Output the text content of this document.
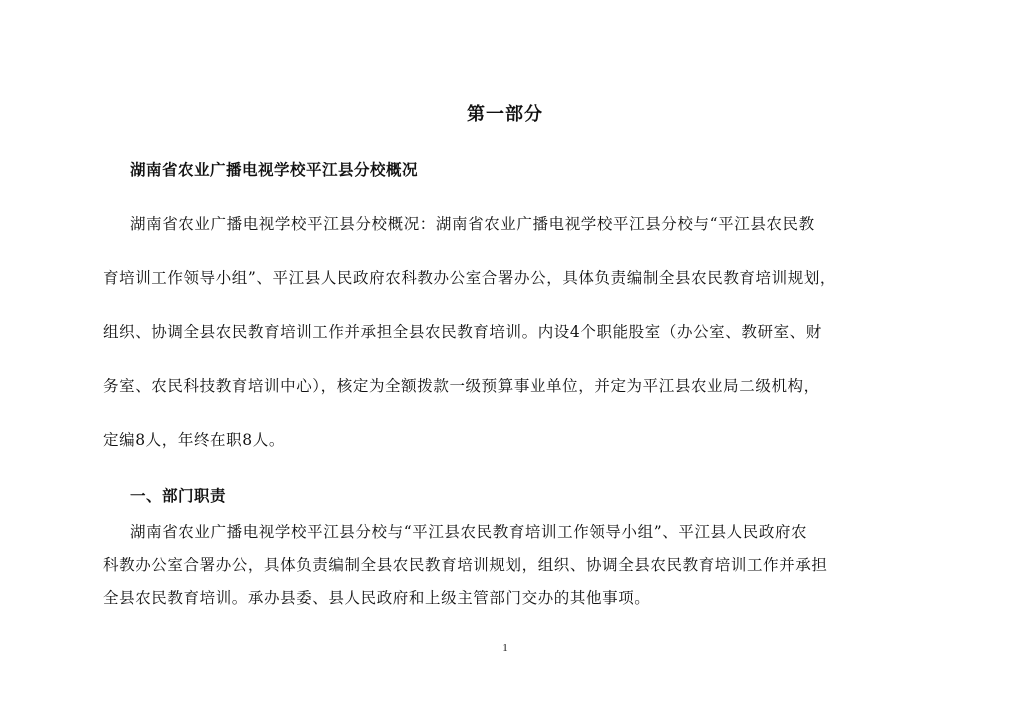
第一部分
湖南省农业广播电视学校平江县分校概况
湖南省农业广播电视学校平江县分校概况：湖南省农业广播电视学校平江县分校与“平江县农民教
育培训工作领导小组”、平江县人民政府农科教办公室合署办公，具体负责编制全县农民教育培训规划，
组织、协调全县农民教育培训工作并承担全县农民教育培训。内设4个职能股室（办公室、教研室、财
务室、农民科技教育培训中心），核定为全额拨款一级预算事业单位，并定为平江县农业局二级机构，
定编8人，年终在职8人。
一、部门职责
湖南省农业广播电视学校平江县分校与“平江县农民教育培训工作领导小组”、平江县人民政府农
科教办公室合署办公，具体负责编制全县农民教育培训规划，组织、协调全县农民教育培训工作并承担
全县农民教育培训。承办县委、县人民政府和上级主管部门交办的其他事项。
1
